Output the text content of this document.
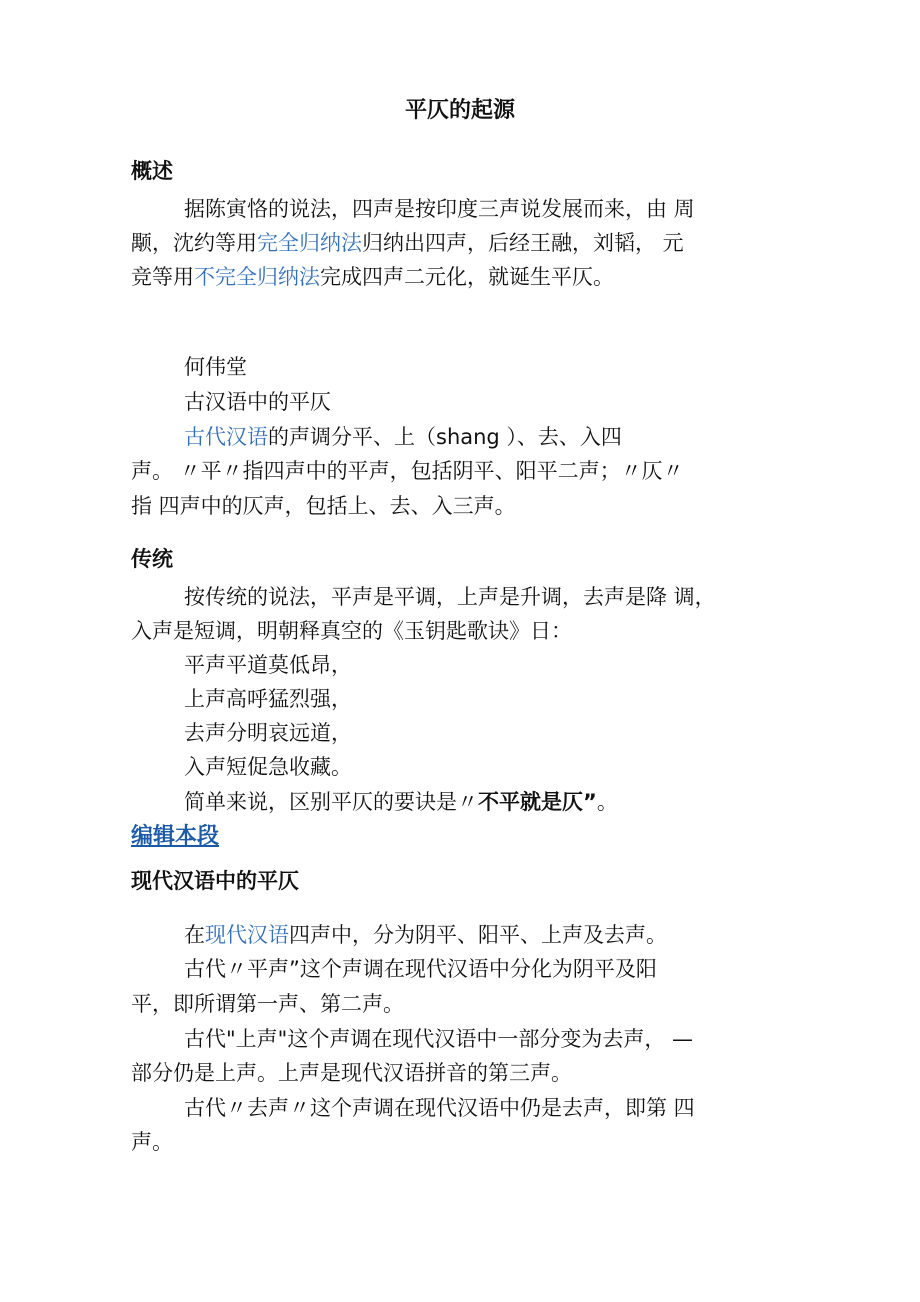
平仄的起源
概述
据陈寅恪的说法，四声是按印度三声说发展而来，由 周
颙，沈约等用完全归纳法归纳出四声，后经王融，刘韬， 元
竞等用不完全归纳法完成四声二元化，就诞生平仄。
何伟堂
古汉语中的平仄
古代汉语的声调分平、上（shang ）、去、入四
声。 〃平〃指四声中的平声，包括阴平、阳平二声；〃仄〃
指 四声中的仄声，包括上、去、入三声。
传统
按传统的说法，平声是平调，上声是升调，去声是降 调，
入声是短调，明朝释真空的《玉钥匙歌诀》日：
平声平道莫低昂，
上声高呼猛烈强，
去声分明哀远道，
入声短促急收藏。
简单来说，区别平仄的要诀是〃不平就是仄”。
编辑本段
现代汉语中的平仄
在现代汉语四声中，分为阴平、阳平、上声及去声。
古代〃平声”这个声调在现代汉语中分化为阴平及阳
平，即所谓第一声、第二声。
古代"上声"这个声调在现代汉语中一部分变为去声， —
部分仍是上声。上声是现代汉语拼音的第三声。
古代〃去声〃这个声调在现代汉语中仍是去声，即第 四
声。
